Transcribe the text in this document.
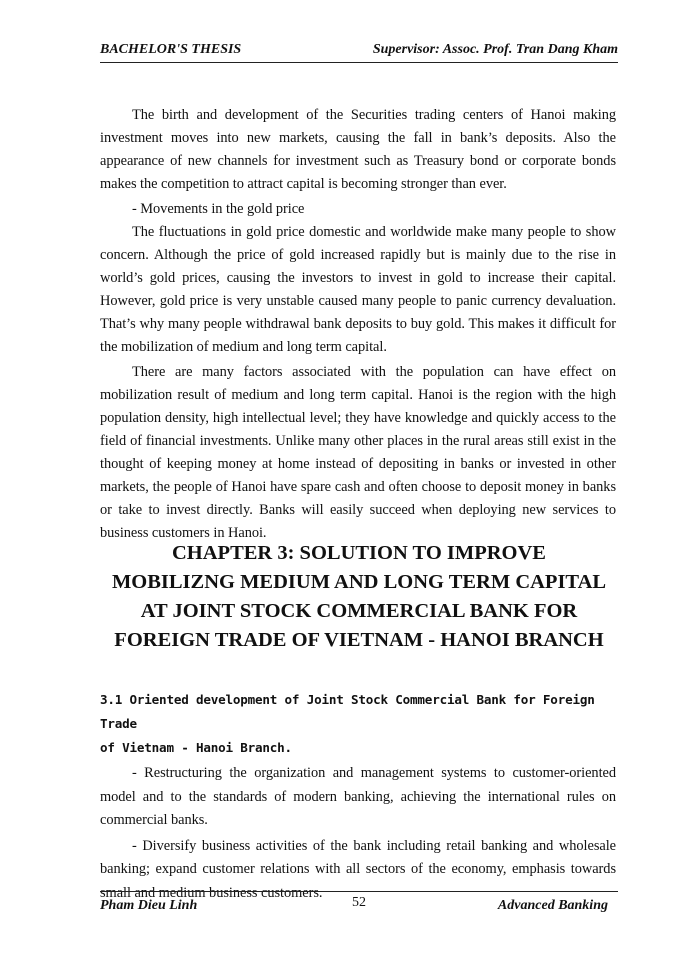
BACHELOR'S THESIS	Supervisor: Assoc. Prof. Tran Dang Kham

The birth and development of the Securities trading centers of Hanoi making investment moves into new markets, causing the fall in bank’s deposits. Also the appearance of new channels for investment such as Treasury bond or corporate bonds makes the competition to attract capital is becoming stronger than ever.

- Movements in the gold price

The fluctuations in gold price domestic and worldwide make many people to show concern. Although the price of gold increased rapidly but is mainly due to the rise in world’s gold prices, causing the investors to invest in gold to increase their capital. However, gold price is very unstable caused many people to panic currency devaluation. That’s why many people withdrawal bank deposits to buy gold. This makes it difficult for the mobilization of medium and long term capital.

There are many factors associated with the population can have effect on mobilization result of medium and long term capital. Hanoi is the region with the high population density, high intellectual level; they have knowledge and quickly access to the field of financial investments. Unlike many other places in the rural areas still exist in the thought of keeping money at home instead of depositing in banks or invested in other markets, the people of Hanoi have spare cash and often choose to deposit money in banks or take to invest directly. Banks will easily succeed when deploying new services to business customers in Hanoi.

CHAPTER 3: SOLUTION TO IMPROVE
MOBILIZNG MEDIUM AND LONG TERM CAPITAL
AT JOINT STOCK COMMERCIAL BANK FOR
FOREIGN TRADE OF VIETNAM - HANOI BRANCH

3.1 Oriented development of Joint Stock Commercial Bank for Foreign Trade
of Vietnam - Hanoi Branch.

- Restructuring the organization and management systems to customer-oriented model and to the standards of modern banking, achieving the international rules on commercial banks.

- Diversify business activities of the bank including retail banking and wholesale banking; expand customer relations with all sectors of the economy, emphasis towards small and medium business customers.

Pham Dieu Linh	52	Advanced Banking
